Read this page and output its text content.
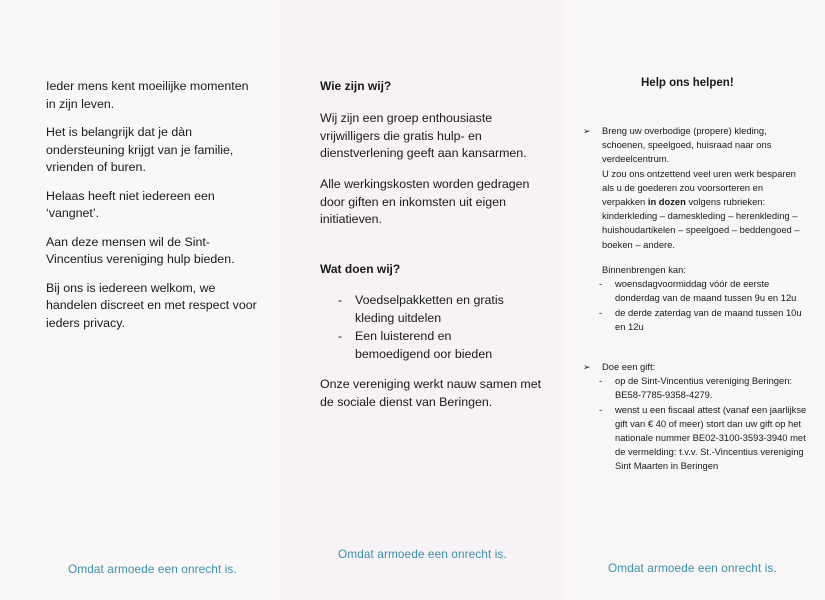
Ieder mens kent moeilijke momenten in zijn leven.

Het is belangrijk dat je dàn ondersteuning krijgt van je familie, vrienden of buren.

Helaas heeft niet iedereen een ‘vangnet’.

Aan deze mensen wil de Sint-Vincentius vereniging hulp bieden.

Bij ons is iedereen welkom, we handelen discreet en met respect voor ieders privacy.

Omdat armoede een onrecht is.
Wie zijn wij?
Wij zijn een groep enthousiaste vrijwilligers die gratis hulp- en dienstverlening geeft aan kansarmen.
Alle werkingskosten worden gedragen door giften en inkomsten uit eigen initiatieven.
Wat doen wij?
- Voedselpakketten en gratis kleding uitdelen
- Een luisterend en bemoedigend oor bieden
Onze vereniging werkt nauw samen met de sociale dienst van Beringen.
Omdat armoede een onrecht is.
Help ons helpen!
➢ Breng uw overbodige (propere) kleding, schoenen, speelgoed, huisraad naar ons verdeelcentrum.
U zou ons ontzettend veel uren werk besparen als u de goederen zou voorsorteren en verpakken in dozen volgens rubrieken: kinderkleding – dameskleding – herenkleding – huishoudartikelen – speelgoed – beddengoed – boeken – andere.
Binnenbrengen kan:
- woensdagvoormiddag vóór de eerste donderdag van de maand tussen 9u en 12u
- de derde zaterdag van de maand tussen 10u en 12u
➢ Doe een gift:
- op de Sint-Vincentius vereniging Beringen: BE58-7785-9358-4279.
- wenst u een fiscaal attest (vanaf een jaarlijkse gift van € 40 of meer) stort dan uw gift op het nationale nummer BE02-3100-3593-3940 met de vermelding: t.v.v. St.-Vincentius vereniging Sint Maarten in Beringen
Omdat armoede een onrecht is.
